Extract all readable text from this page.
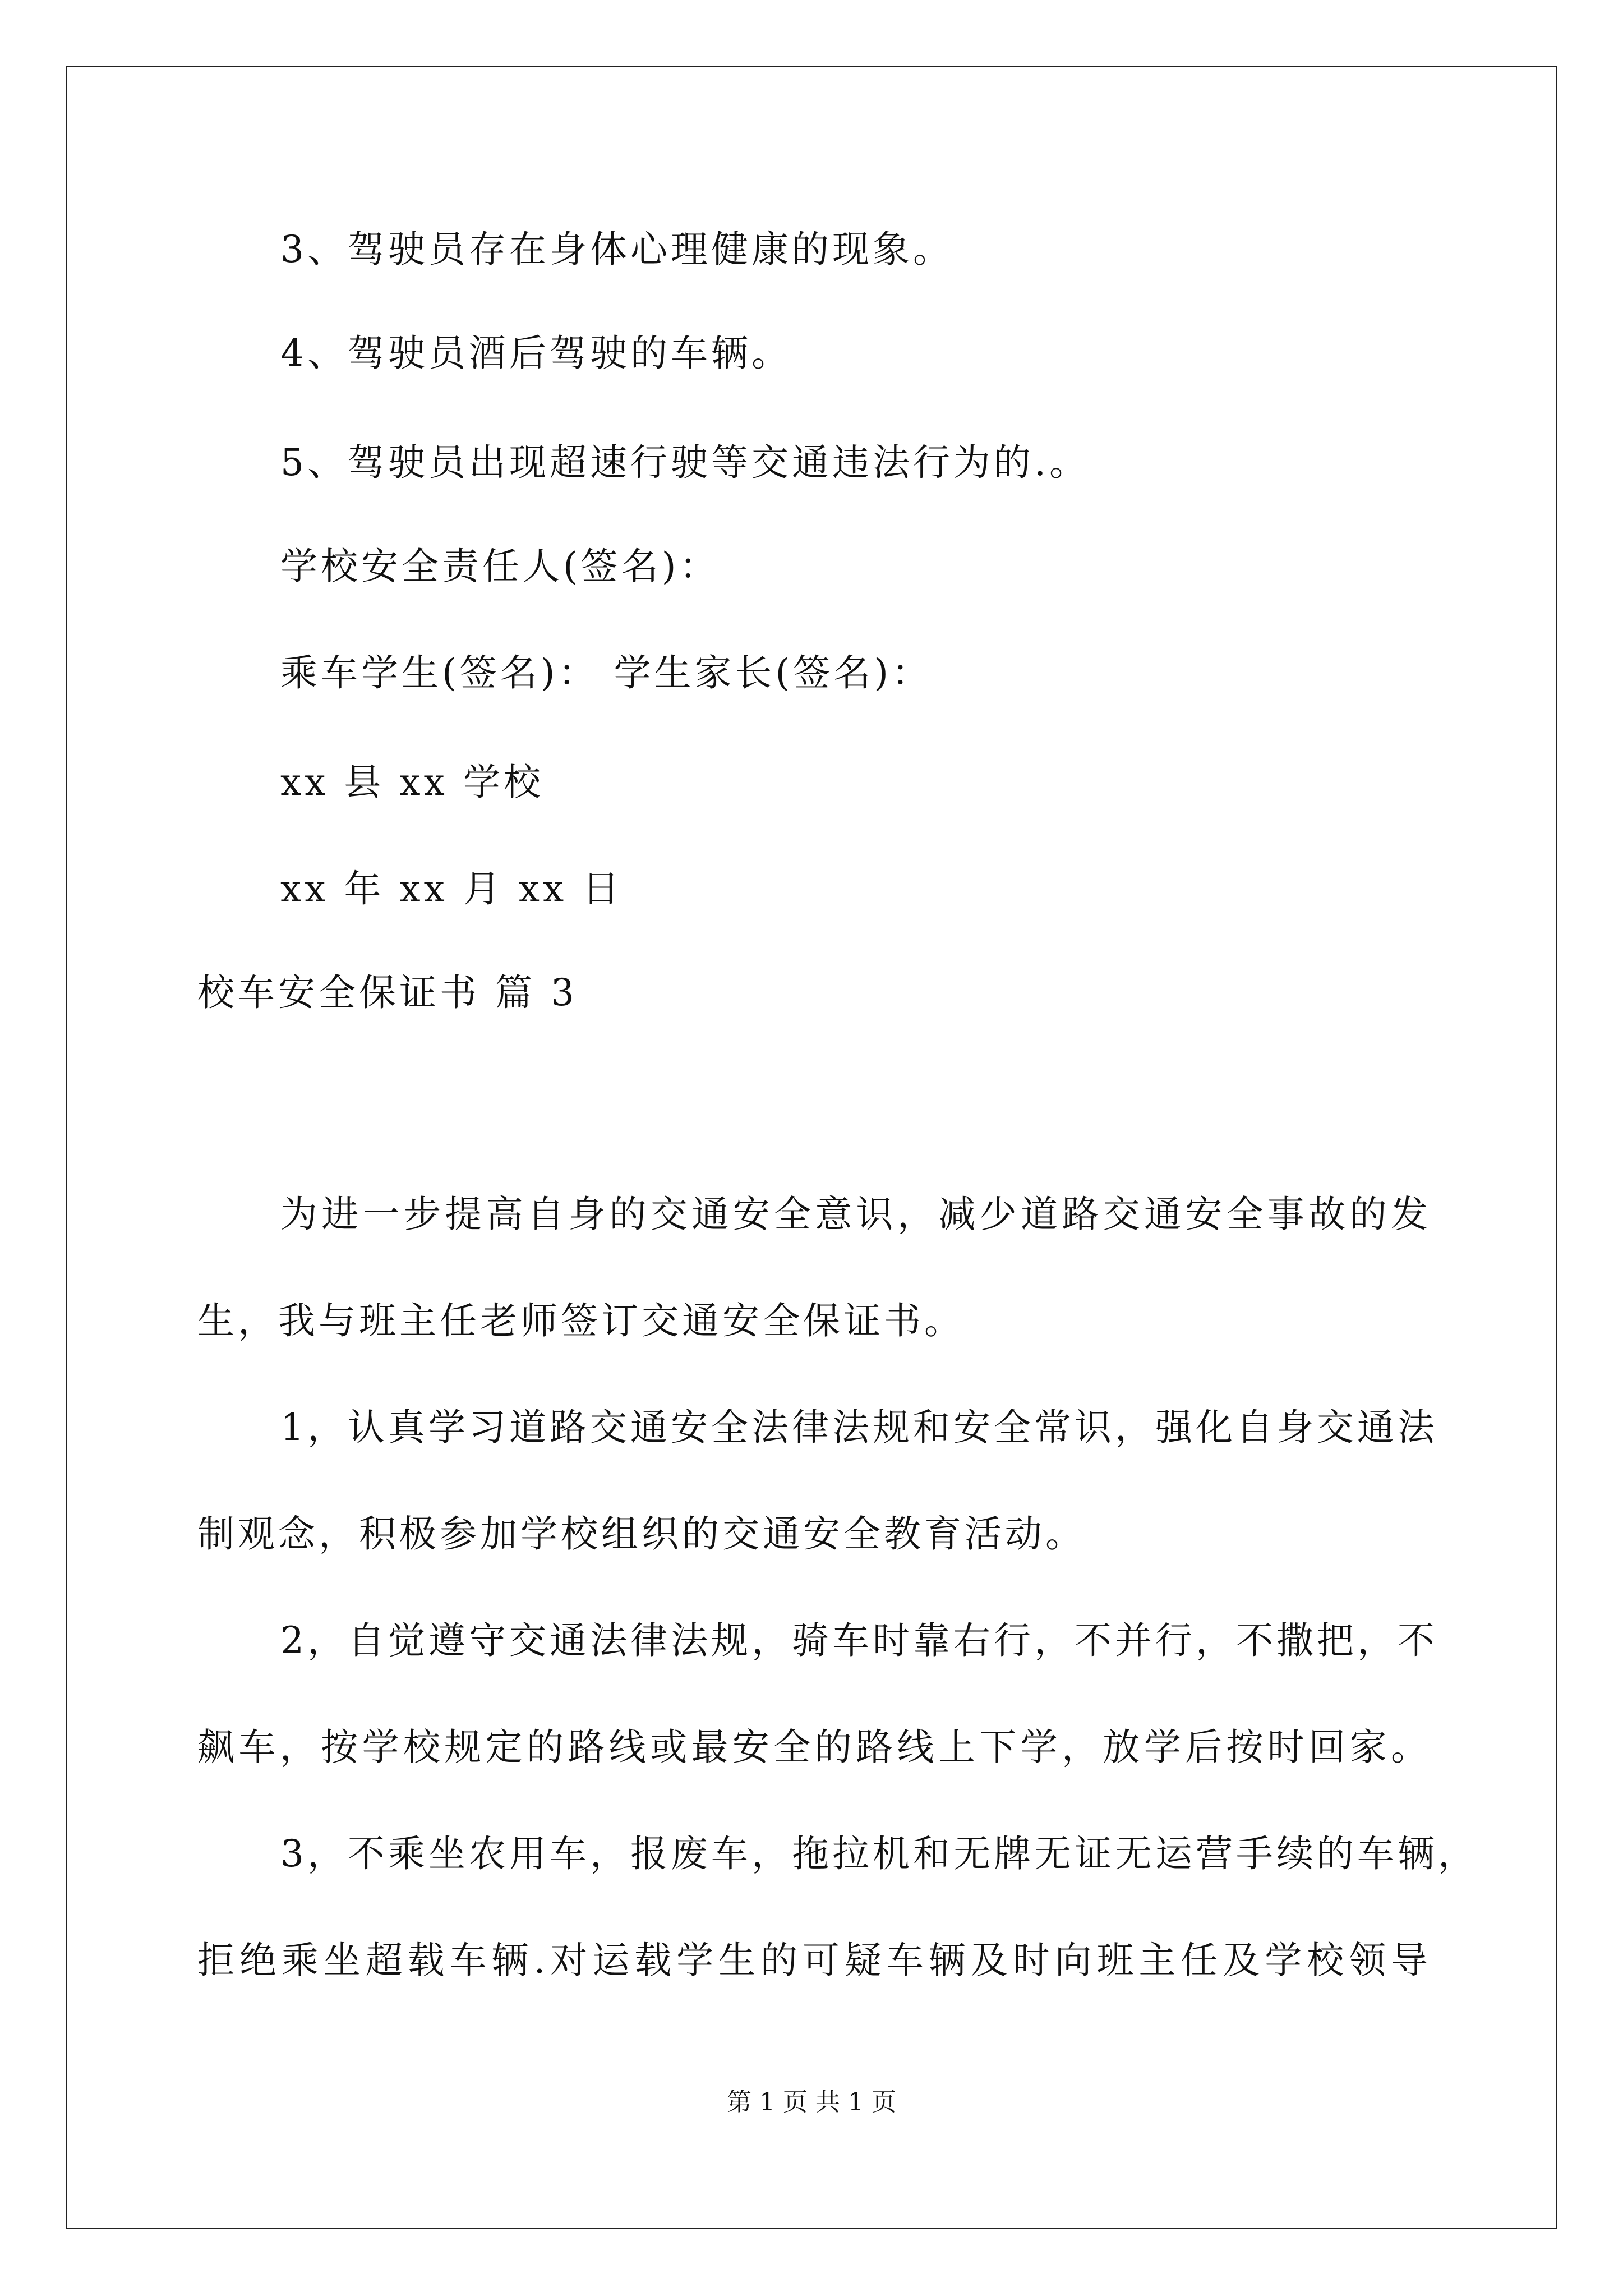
3、驾驶员存在身体心理健康的现象。
4、驾驶员酒后驾驶的车辆。
5、驾驶员出现超速行驶等交通违法行为的.。
学校安全责任人(签名)：
乘车学生(签名)： 学生家长(签名)：
xx 县 xx 学校
xx 年 xx 月 xx 日
校车安全保证书 篇 3
为进一步提高自身的交通安全意识，减少道路交通安全事故的发
生，我与班主任老师签订交通安全保证书。
1，认真学习道路交通安全法律法规和安全常识，强化自身交通法
制观念，积极参加学校组织的交通安全教育活动。
2，自觉遵守交通法律法规，骑车时靠右行，不并行，不撒把，不
飙车，按学校规定的路线或最安全的路线上下学，放学后按时回家。
3，不乘坐农用车，报废车，拖拉机和无牌无证无运营手续的车辆，
拒绝乘坐超载车辆.对运载学生的可疑车辆及时向班主任及学校领导
第 1 页 共 1 页
